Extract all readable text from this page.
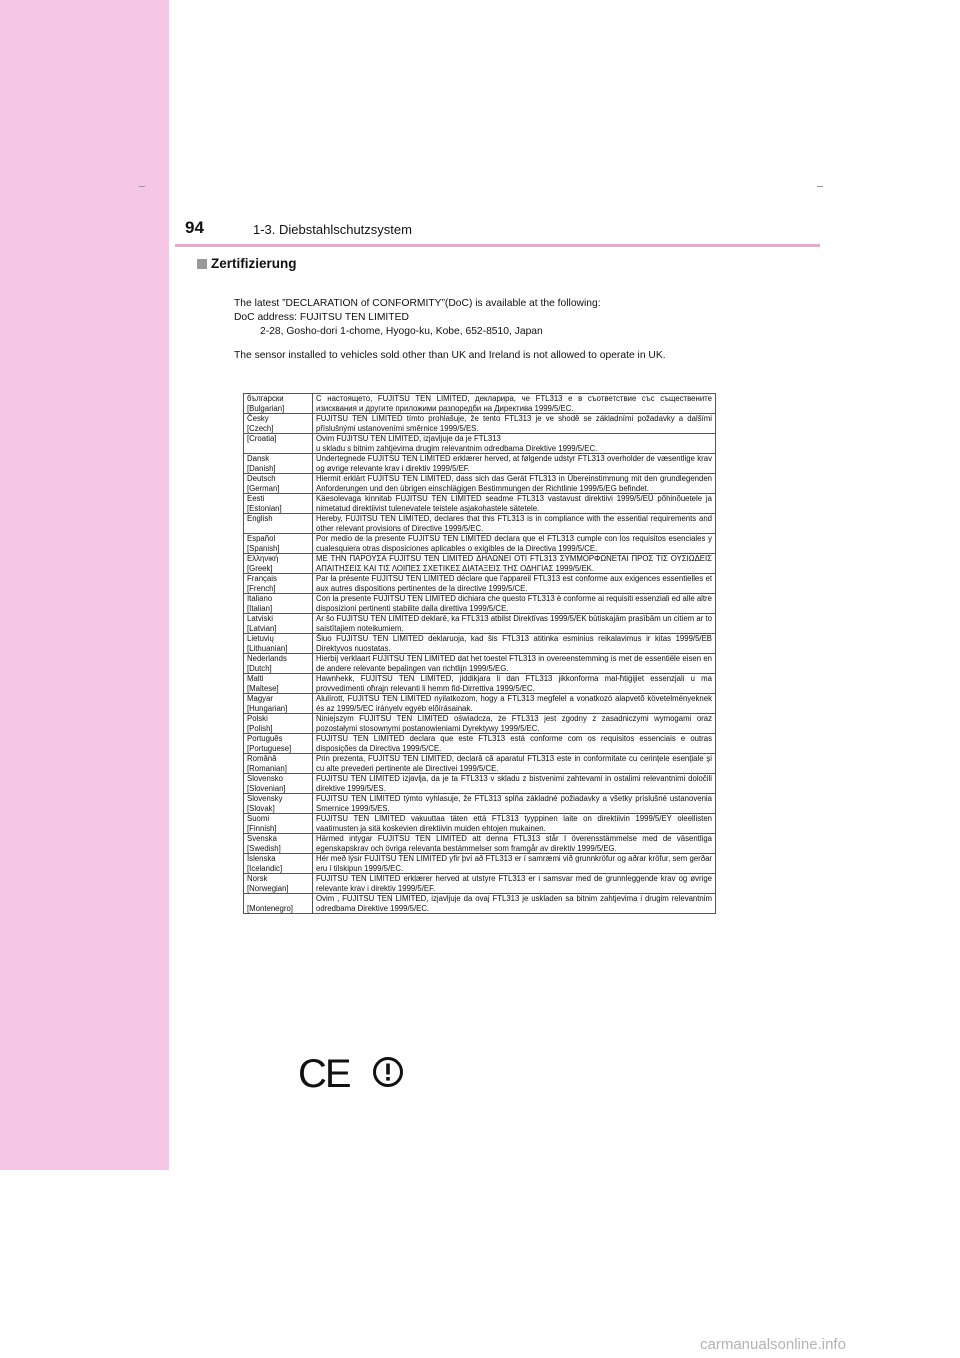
94	1-3. Diebstahlschutzsystem
Zertifizierung
The latest ”DECLARATION of CONFORMITY”(DoC) is available at the following:
DoC address: FUJITSU TEN LIMITED
2-28, Gosho-dori 1-chome, Hyogo-ku, Kobe, 652-8510, Japan
The sensor installed to vehicles sold other than UK and Ireland is not allowed to operate in UK.
български
[Bulgarian]	С настоящето, FUJITSU TEN LIMITED, декларира, че FTL313 е в съответствие със съществените изисквания и другите приложими разпоредби на Директива 1999/5/ЕС.
Česky
[Czech]	FUJITSU TEN LIMITED tímto prohlašuje, že tento FTL313 je ve shodě se základními požadavky a dalšími příslušnými ustanoveními směrnice 1999/5/ES.
[Croatia]	Ovim FUJITSU TEN LIMITED, izjavljuje da je FTL313
u skladu s bitnim zahtjevima drugim relevantnim odredbama Direktive 1999/5/EC.
Dansk
[Danish]	Undertegnede FUJITSU TEN LIMITED erklærer herved, at følgende udstyr FTL313 overholder de væsentlige krav og øvrige relevante krav i direktiv 1999/5/EF.
Deutsch
[German]	Hiermit erklärt FUJITSU TEN LIMITED, dass sich das Gerät FTL313 in Übereinstimmung mit den grundlegenden Anforderungen und den übrigen einschlägigen Bestimmungen der Richtlinie 1999/5/EG befindet.
Eesti
[Estonian]	Käesolevaga kinnitab FUJITSU TEN LIMITED seadme FTL313 vastavust direktiivi 1999/5/EÜ põhinõuetele ja nimetatud direktiivist tulenevatele teistele asjakohastele sätetele.
English	Hereby, FUJITSU TEN LIMITED, declares that this FTL313 is in compliance with the essential requirements and other relevant provisions of Directive 1999/5/EC.
Español
[Spanish]	Por medio de la presente FUJITSU TEN LIMITED declara que el FTL313 cumple con los requisitos esenciales y cualesquiera otras disposiciones aplicables o exigibles de la Directiva 1999/5/CE.
Ελληνική
[Greek]	ΜΕ ΤΗΝ ΠΑΡΟΥΣΑ FUJITSU TEN LIMITED ΔΗΛΩΝΕΙ ΟΤΙ FTL313 ΣΥΜΜΟΡΦΩΝΕΤΑΙ ΠΡΟΣ ΤΙΣ ΟΥΣΙΩΔΕΙΣ ΑΠΑΙΤΗΣΕΙΣ ΚΑΙ ΤΙΣ ΛΟΙΠΕΣ ΣΧΕΤΙΚΕΣ ΔΙΑΤΑΞΕΙΣ ΤΗΣ ΟΔΗΓΙΑΣ 1999/5/ΕΚ.
Français
[French]	Par la présente FUJITSU TEN LIMITED déclare que l'appareil FTL313 est conforme aux exigences essentielles et aux autres dispositions pertinentes de la directive 1999/5/CE.
Italiano
[Italian]	Con la presente FUJITSU TEN LIMITED dichiara che questo FTL313 è conforme ai requisiti essenziali ed alle altre disposizioni pertinenti stabilite dalla direttiva 1999/5/CE.
Latviski
[Latvian]	Ar šo FUJITSU TEN LIMITED deklarē, ka FTL313 atbilst Direktīvas 1999/5/EK būtiskajām prasībām un citiem ar to saistītajiem noteikumiem.
Lietuvių
[Lithuanian]	Šiuo FUJITSU TEN LIMITED deklaruoja, kad šis FTL313 atitinka esminius reikalavimus ir kitas 1999/5/EB Direktyvos nuostatas.
Nederlands
[Dutch]	Hierbij verklaart FUJITSU TEN LIMITED dat het toestel FTL313 in overeenstemming is met de essentiële eisen en de andere relevante bepalingen van richtlijn 1999/5/EG.
Malti
[Maltese]	Hawnhekk, FUJITSU TEN LIMITED, jiddikjara li dan FTL313 jikkonforma mal-ħtiġijiet essenzjali u ma provvedimenti oħrajn relevanti li hemm fid-Dirrettiva 1999/5/EC.
Magyar
[Hungarian]	Alulírott, FUJITSU TEN LIMITED nyilatkozom, hogy a FTL313 megfelel a vonatkozó alapvetõ követelményeknek és az 1999/5/EC irányelv egyéb elõírásainak.
Polski
[Polish]	Niniejszym FUJITSU TEN LIMITED oświadcza, że FTL313 jest zgodny z zasadniczymi wymogami oraz pozostałymi stosownymi postanowieniami Dyrektywy 1999/5/EC.
Português
[Portuguese]	FUJITSU TEN LIMITED declara que este FTL313 está conforme com os requisitos essenciais e outras disposições da Directiva 1999/5/CE.
Română
[Romanian]	Prin prezenta, FUJITSU TEN LIMITED, declară că aparatul FTL313 este in conformitate cu cerinţele esenţiale şi cu alte prevederi pertinente ale Directivei 1999/5/CE.
Slovensko
[Slovenian]	FUJITSU TEN LIMITED izjavlja, da je ta FTL313 v skladu z bistvenimi zahtevami in ostalimi relevantnimi določili direktive 1999/5/ES.
Slovensky
[Slovak]	FUJITSU TEN LIMITED týmto vyhlasuje, že FTL313 spĺňa základné požiadavky a všetky príslušné ustanovenia Smernice 1999/5/ES.
Suomi
[Finnish]	FUJITSU TEN LIMITED vakuuttaa täten että FTL313 tyyppinen laite on direktiivin 1999/5/EY oleellisten vaatimusten ja sitä koskevien direktiivin muiden ehtojen mukainen.
Svenska
[Swedish]	Härmed intygar FUJITSU TEN LIMITED att denna FTL313 står I överensstämmelse med de väsentliga egenskapskrav och övriga relevanta bestämmelser som framgår av direktiv 1999/5/EG.
Íslenska
[Icelandic]	Hér með lýsir FUJITSU TEN LIMITED yfir því að FTL313 er í samræmi við grunnkröfur og aðrar kröfur, sem gerðar eru í tilskipun 1999/5/EC.
Norsk
[Norwegian]	FUJITSU TEN LIMITED erklærer herved at utstyre FTL313 er i samsvar med de grunnleggende krav og øvrige relevante krav i direktiv 1999/5/EF.

[Montenegro]	Ovim , FUJITSU TEN LIMITED, izjavljuje da ovaj FTL313 je uskladen sa bitnim zahtjevima i drugim relevantnim odredbama Direktive 1999/5/EC.
CE
carmanualsonline.info
